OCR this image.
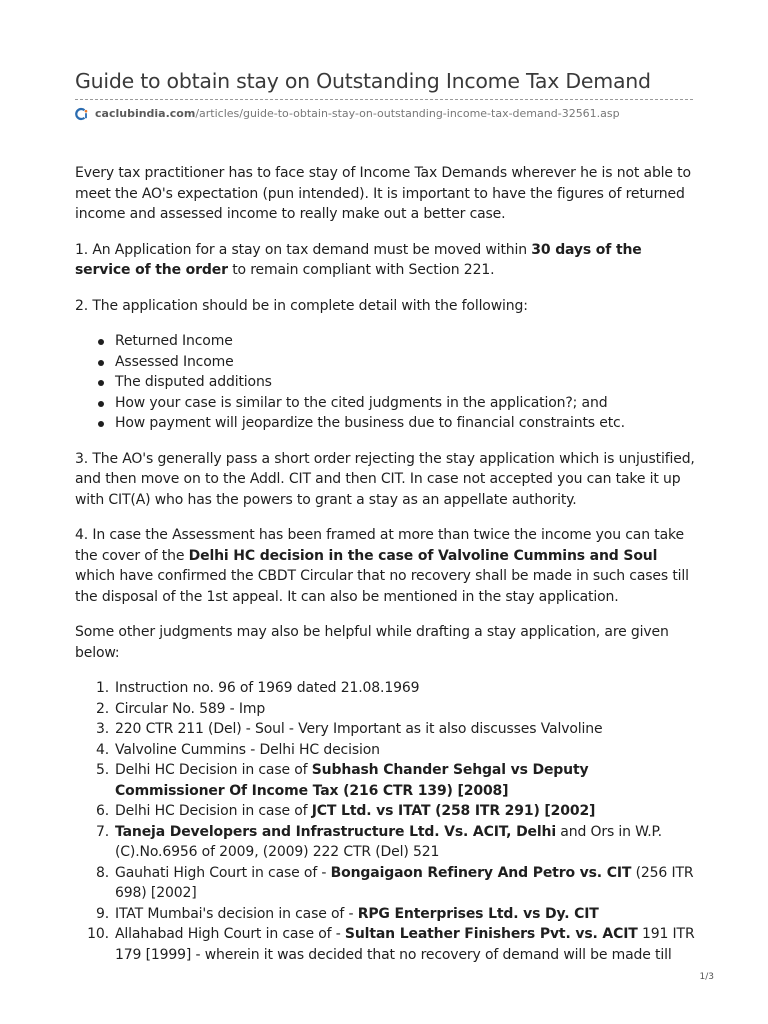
Guide to obtain stay on Outstanding Income Tax Demand
caclubindia.com /articles/guide-to-obtain-stay-on-outstanding-income-tax-demand-32561.asp

Every tax practitioner has to face stay of Income Tax Demands wherever he is not able to meet the AO's expectation (pun intended). It is important to have the figures of returned income and assessed income to really make out a better case.

1. An Application for a stay on tax demand must be moved within 30 days of the service of the order to remain compliant with Section 221.

2. The application should be in complete detail with the following:

Returned Income
Assessed Income
The disputed additions
How your case is similar to the cited judgments in the application?; and
How payment will jeopardize the business due to financial constraints etc.

3. The AO's generally pass a short order rejecting the stay application which is unjustified, and then move on to the Addl. CIT and then CIT. In case not accepted you can take it up with CIT(A) who has the powers to grant a stay as an appellate authority.

4. In case the Assessment has been framed at more than twice the income you can take the cover of the Delhi HC decision in the case of Valvoline Cummins and Soul which have confirmed the CBDT Circular that no recovery shall be made in such cases till the disposal of the 1st appeal. It can also be mentioned in the stay application.

Some other judgments may also be helpful while drafting a stay application, are given below:

1. Instruction no. 96 of 1969 dated 21.08.1969
2. Circular No. 589 - Imp
3. 220 CTR 211 (Del) - Soul - Very Important as it also discusses Valvoline
4. Valvoline Cummins - Delhi HC decision
5. Delhi HC Decision in case of Subhash Chander Sehgal vs Deputy Commissioner Of Income Tax (216 CTR 139) [2008]
6. Delhi HC Decision in case of JCT Ltd. vs ITAT (258 ITR 291) [2002]
7. Taneja Developers and Infrastructure Ltd. Vs. ACIT, Delhi and Ors in W.P.(C).No.6956 of 2009, (2009) 222 CTR (Del) 521
8. Gauhati High Court in case of - Bongaigaon Refinery And Petro vs. CIT (256 ITR 698) [2002]
9. ITAT Mumbai's decision in case of - RPG Enterprises Ltd. vs Dy. CIT
10. Allahabad High Court in case of - Sultan Leather Finishers Pvt. vs. ACIT 191 ITR 179 [1999] - wherein it was decided that no recovery of demand will be made till
1/3
